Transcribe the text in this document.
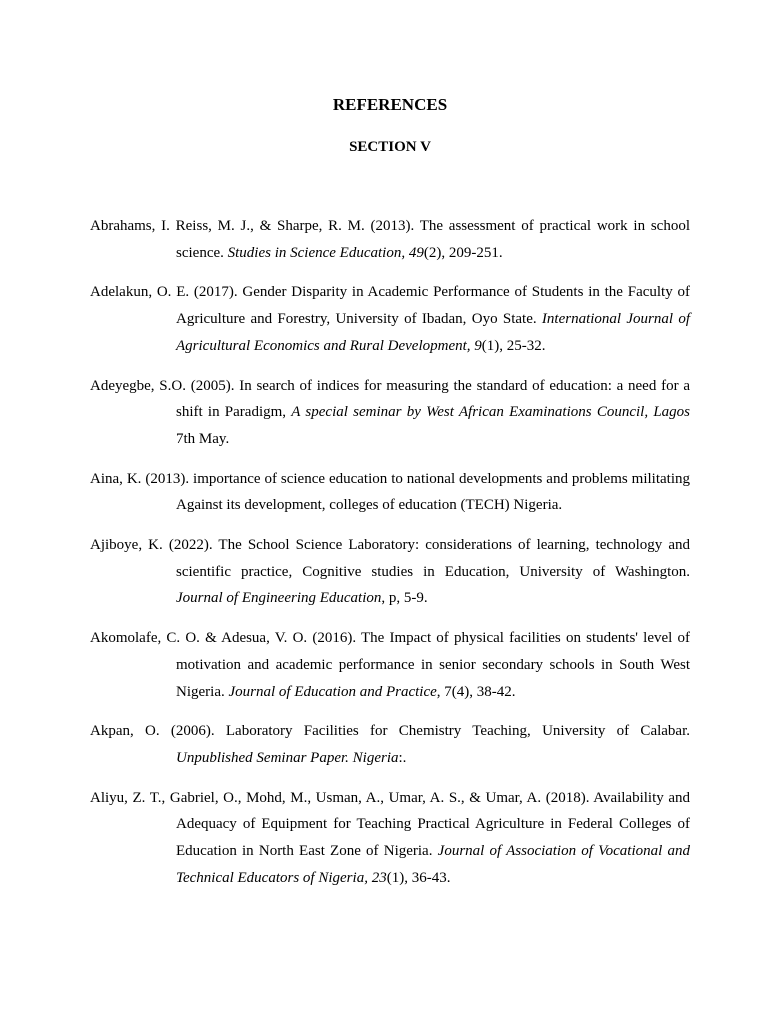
REFERENCES
SECTION V
Abrahams, I. Reiss, M. J., & Sharpe, R. M. (2013). The assessment of practical work in school science. Studies in Science Education, 49(2), 209-251.
Adelakun, O. E. (2017). Gender Disparity in Academic Performance of Students in the Faculty of Agriculture and Forestry, University of Ibadan, Oyo State. International Journal of Agricultural Economics and Rural Development, 9(1), 25-32.
Adeyegbe, S.O. (2005). In search of indices for measuring the standard of education: a need for a shift in Paradigm, A special seminar by West African Examinations Council, Lagos 7th May.
Aina, K. (2013). importance of science education to national developments and problems militating Against its development, colleges of education (TECH) Nigeria.
Ajiboye, K. (2022). The School Science Laboratory: considerations of learning, technology and scientific practice, Cognitive studies in Education, University of Washington. Journal of Engineering Education, p, 5-9.
Akomolafe, C. O. & Adesua, V. O. (2016). The Impact of physical facilities on students' level of motivation and academic performance in senior secondary schools in South West Nigeria. Journal of Education and Practice, 7(4), 38-42.
Akpan, O. (2006). Laboratory Facilities for Chemistry Teaching, University of Calabar. Unpublished Seminar Paper. Nigeria:.
Aliyu, Z. T., Gabriel, O., Mohd, M., Usman, A., Umar, A. S., & Umar, A. (2018). Availability and Adequacy of Equipment for Teaching Practical Agriculture in Federal Colleges of Education in North East Zone of Nigeria. Journal of Association of Vocational and Technical Educators of Nigeria, 23(1), 36-43.
